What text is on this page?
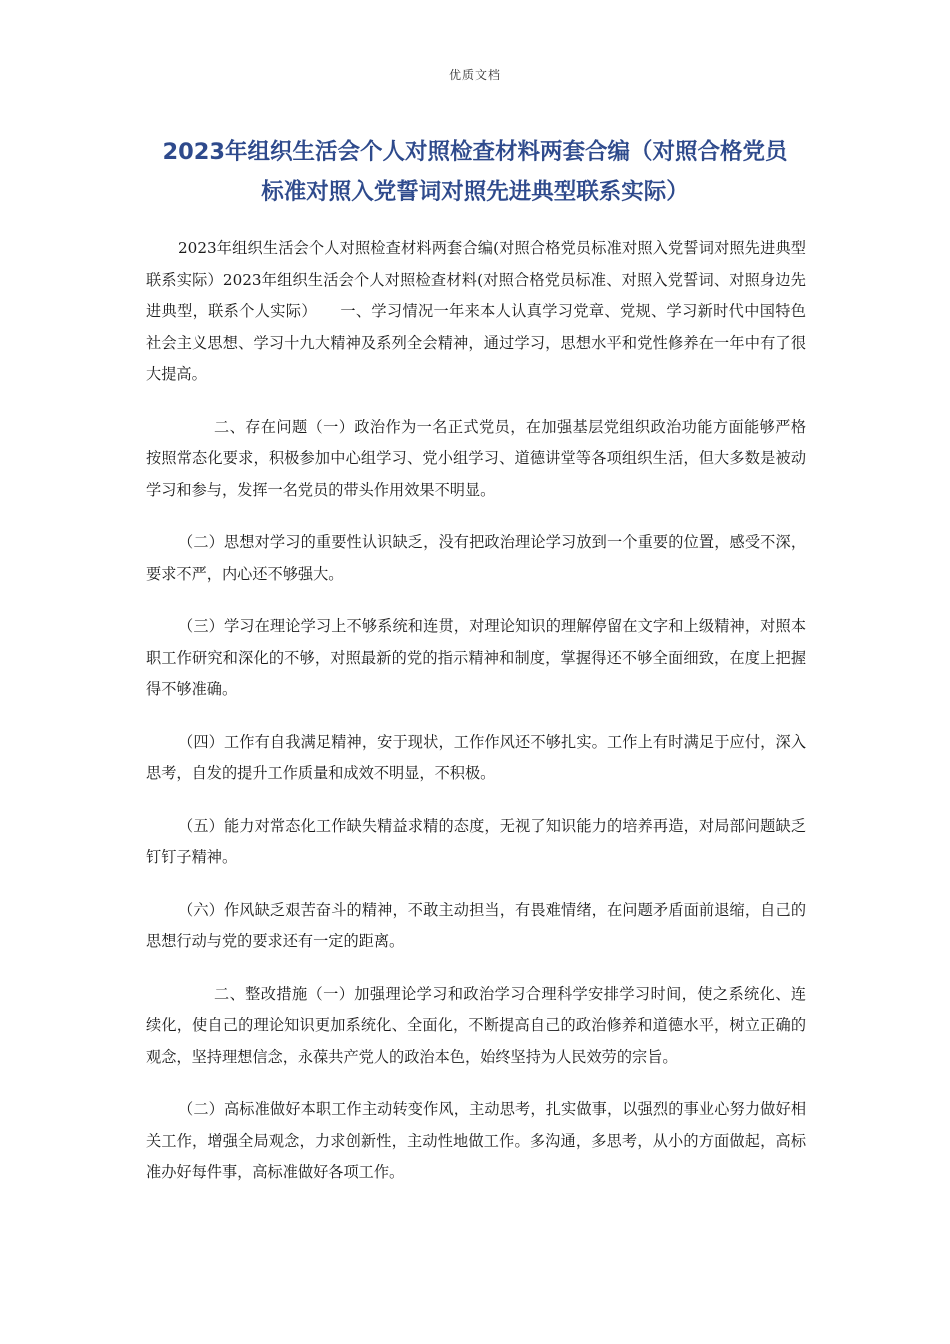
优质文档
2023年组织生活会个人对照检查材料两套合编（对照合格党员
标准对照入党誓词对照先进典型联系实际）

2023年组织生活会个人对照检查材料两套合编(对照合格党员标准对照入党誓词对照先进典型联系实际）2023年组织生活会个人对照检查材料(对照合格党员标准、对照入党誓词、对照身边先进典型，联系个人实际）　　一、学习情况一年来本人认真学习党章、党规、学习新时代中国特色社会主义思想、学习十九大精神及系列全会精神，通过学习，思想水平和党性修养在一年中有了很大提高。

二、存在问题（一）政治作为一名正式党员，在加强基层党组织政治功能方面能够严格按照常态化要求，积极参加中心组学习、党小组学习、道德讲堂等各项组织生活，但大多数是被动学习和参与，发挥一名党员的带头作用效果不明显。

（二）思想对学习的重要性认识缺乏，没有把政治理论学习放到一个重要的位置，感受不深，要求不严，内心还不够强大。

（三）学习在理论学习上不够系统和连贯，对理论知识的理解停留在文字和上级精神，对照本职工作研究和深化的不够，对照最新的党的指示精神和制度，掌握得还不够全面细致，在度上把握得不够准确。

（四）工作有自我满足精神，安于现状，工作作风还不够扎实。工作上有时满足于应付，深入思考，自发的提升工作质量和成效不明显，不积极。

（五）能力对常态化工作缺失精益求精的态度，无视了知识能力的培养再造，对局部问题缺乏钉钉子精神。

（六）作风缺乏艰苦奋斗的精神，不敢主动担当，有畏难情绪，在问题矛盾面前退缩，自己的思想行动与党的要求还有一定的距离。

二、整改措施（一）加强理论学习和政治学习合理科学安排学习时间，使之系统化、连续化，使自己的理论知识更加系统化、全面化，不断提高自己的政治修养和道德水平，树立正确的观念，坚持理想信念，永葆共产党人的政治本色，始终坚持为人民效劳的宗旨。

（二）高标准做好本职工作主动转变作风，主动思考，扎实做事，以强烈的事业心努力做好相关工作，增强全局观念，力求创新性，主动性地做工作。多沟通，多思考，从小的方面做起，高标准办好每件事，高标准做好各项工作。
